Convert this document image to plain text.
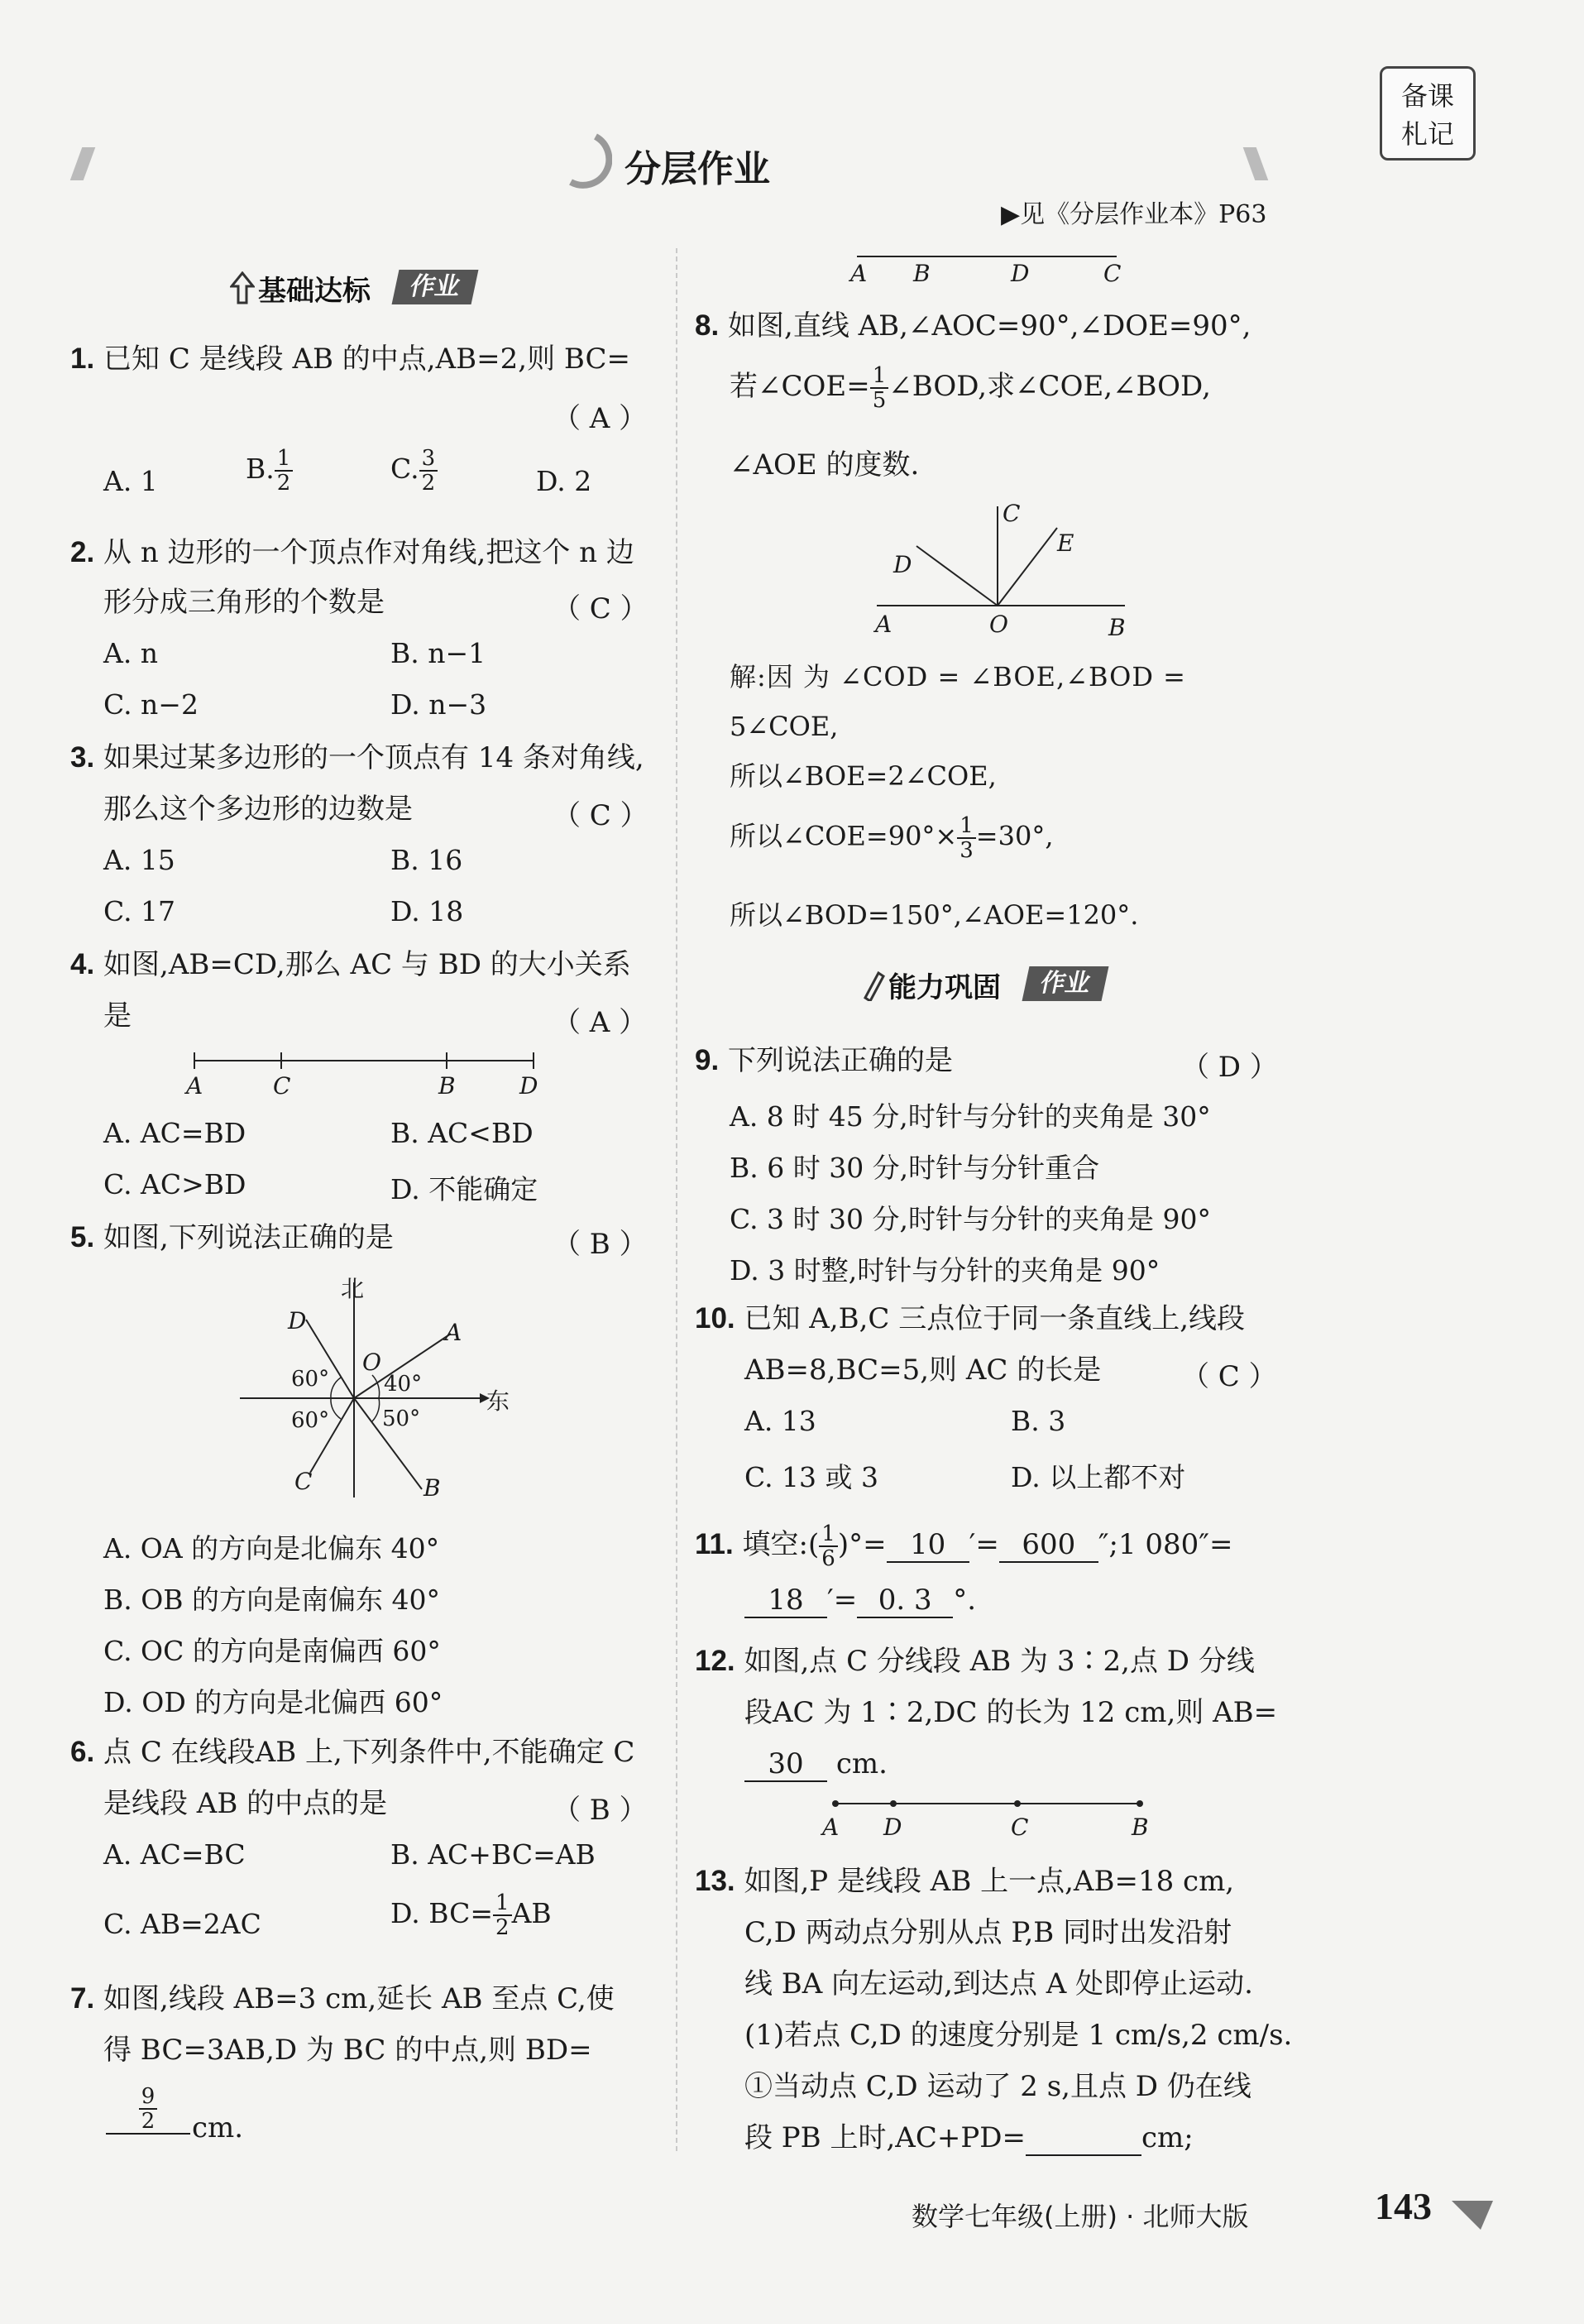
分层作业
备课
札记
▶见《分层作业本》P63
基础达标	作业
1. 已知 C 是线段 AB 的中点,AB=2,则 BC=
（ A ）
A. 1	B. $\frac{1}{2}$	C. $\frac{3}{2}$	D. 2
2. 从 n 边形的一个顶点作对角线,把这个 n 边
形分成三角形的个数是	（ C ）
A. n	B. n−1
C. n−2	D. n−3
3. 如果过某多边形的一个顶点有 14 条对角线,
那么这个多边形的边数是	（ C ）
A. 15	B. 16
C. 17	D. 18
4. 如图,AB=CD,那么 AC 与 BD 的大小关系
是	（ A ）
A	C	B	D
A. AC=BD	B. AC<BD
C. AC>BD	D. 不能确定
5. 如图,下列说法正确的是	（ B ）
北
东
D	A
O
C	B
60°	40°
60° 50°
A. OA 的方向是北偏东 40°
B. OB 的方向是南偏东 40°
C. OC 的方向是南偏西 60°
D. OD 的方向是北偏西 60°
6. 点 C 在线段AB 上,下列条件中,不能确定 C
是线段 AB 的中点的是	（ B ）
A. AC=BC	B. AC+BC=AB
C. AB=2AC	D. $BC= \frac{1}{2}$ AB
7. 如图,线段 AB=3 cm,延长 AB 至点 C,使
得 BC=3AB,D 为 BC 的中点,则 BD=
$\frac{9}{2}$ cm.
A B	D	C
8. 如图,直线 AB,∠AOC=90°,∠DOE=90°,
若∠COE= $\frac{1}{5}$ ∠BOD,求∠COE,∠BOD,
∠AOE 的度数.
C
E
D
A	O	B
解:因 为 ∠COD = ∠BOE,∠BOD =
5∠COE,
所以∠BOE=2∠COE,
所以∠COE=90°× $\frac{1}{3} =30^\circ$,
所以∠BOD=150°,∠AOE=120°.
能力巩固	作业
9. 下列说法正确的是	（ D ）
A. 8 时 45 分,时针与分针的夹角是 30°
B. 6 时 30 分,时针与分针重合
C. 3 时 30 分,时针与分针的夹角是 90°
D. 3 时整,时针与分针的夹角是 90°
10. 已知 A,B,C 三点位于同一条直线上,线段
AB=8,BC=5,则 AC 的长是	（ C ）
A. 13	B. 3
C. 13 或 3	D. 以上都不对
11. 填空:( $\frac{1}{6}$ )°= 10 ′= 600 ″;1 080″=
18 ′= 0. 3 °.
12. 如图,点 C 分线段 AB 为 3∶2,点 D 分线
段AC 为 1∶2,DC 的长为 12 cm,则 AB=
30 cm.
A D	C	B
13. 如图,P 是线段 AB 上一点,AB=18 cm,
C,D 两动点分别从点 P,B 同时出发沿射
线 BA 向左运动,到达点 A 处即停止运动.
(1)若点 C,D 的速度分别是 1 cm/s,2 cm/s.
①当动点 C,D 运动了 2 s,且点 D 仍在线
段 PB 上时,AC+PD=	cm;
数学七年级(上册) · 北师大版	143
